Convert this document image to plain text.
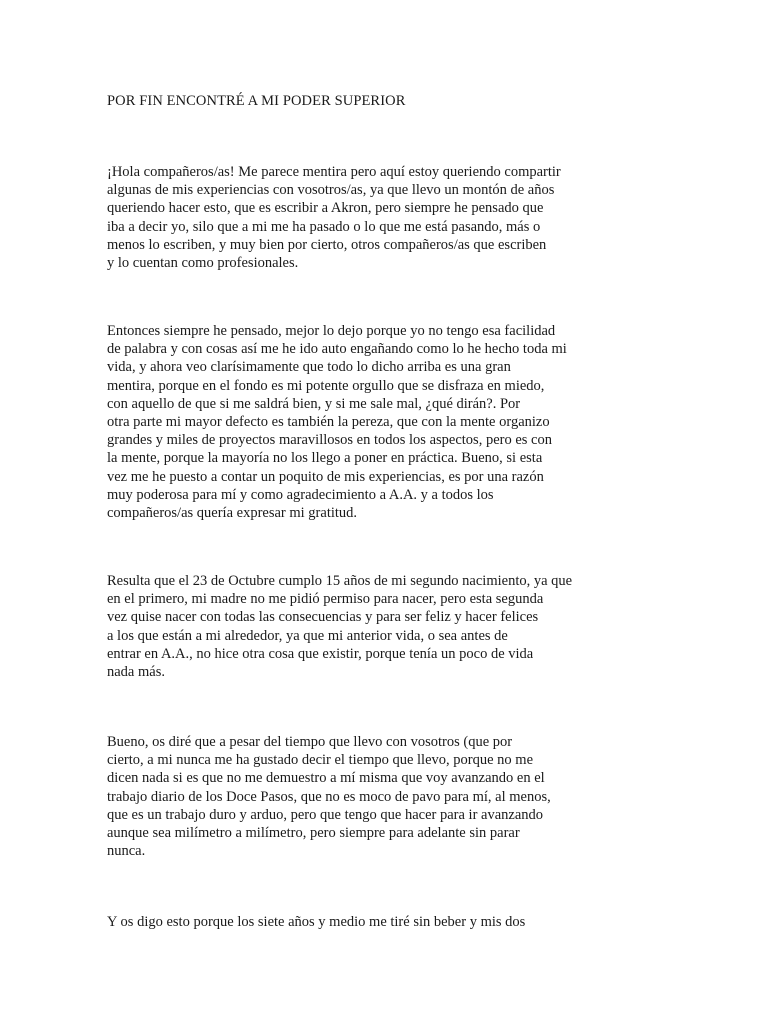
POR FIN ENCONTRÉ A MI PODER SUPERIOR
¡Hola compañeros/as! Me parece mentira pero aquí estoy queriendo compartir
algunas de mis experiencias con vosotros/as, ya que llevo un montón de años
queriendo hacer esto, que es escribir a Akron, pero siempre he pensado que
iba a decir yo, silo que a mi me ha pasado o lo que me está pasando, más o
menos lo escriben, y muy bien por cierto, otros compañeros/as que escriben
y lo cuentan como profesionales.
Entonces siempre he pensado, mejor lo dejo porque yo no tengo esa facilidad
de palabra y con cosas así me he ido auto engañando como lo he hecho toda mi
vida, y ahora veo clarísimamente que todo lo dicho arriba es una gran
mentira, porque en el fondo es mi potente orgullo que se disfraza en miedo,
con aquello de que si me saldrá bien, y si me sale mal, ¿qué dirán?. Por
otra parte mi mayor defecto es también la pereza, que con la mente organizo
grandes y miles de proyectos maravillosos en todos los aspectos, pero es con
la mente, porque la mayoría no los llego a poner en práctica. Bueno, si esta
vez me he puesto a contar un poquito de mis experiencias, es por una razón
muy poderosa para mí y como agradecimiento a A.A. y a todos los
compañeros/as quería expresar mi gratitud.
Resulta que el 23 de Octubre cumplo 15 años de mi segundo nacimiento, ya que
en el primero, mi madre no me pidió permiso para nacer, pero esta segunda
vez quise nacer con todas las consecuencias y para ser feliz y hacer felices
a los que están a mi alrededor, ya que mi anterior vida, o sea antes de
entrar en A.A., no hice otra cosa que existir, porque tenía un poco de vida
nada más.
Bueno, os diré que a pesar del tiempo que llevo con vosotros (que por
cierto, a mi nunca me ha gustado decir el tiempo que llevo, porque no me
dicen nada si es que no me demuestro a mí misma que voy avanzando en el
trabajo diario de los Doce Pasos, que no es moco de pavo para mí, al menos,
que es un trabajo duro y arduo, pero que tengo que hacer para ir avanzando
aunque sea milímetro a milímetro, pero siempre para adelante sin parar
nunca.
Y os digo esto porque los siete años y medio me tiré sin beber y mis dos
